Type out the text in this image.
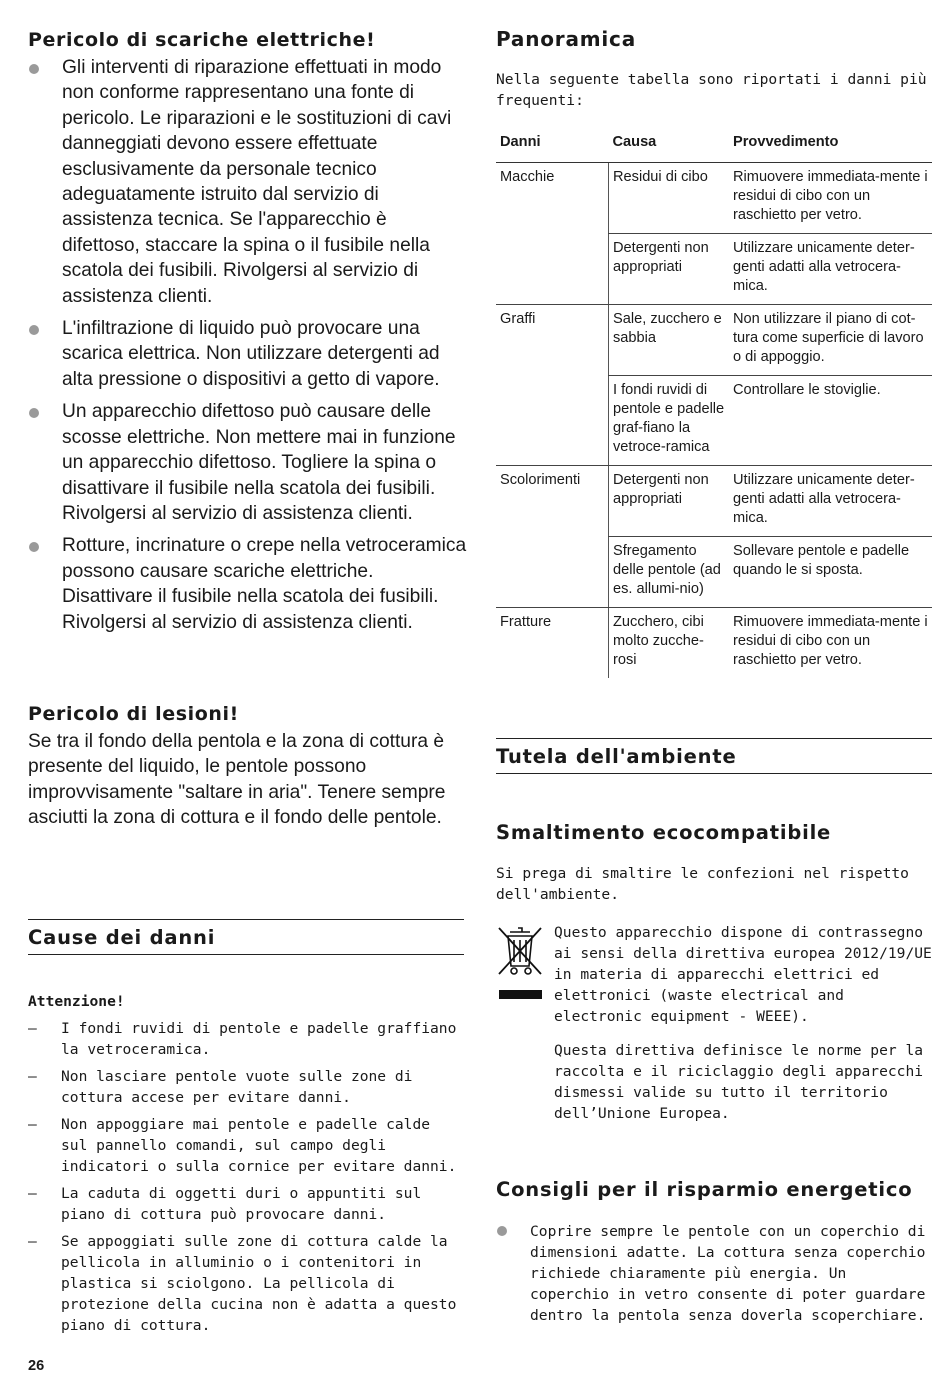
Pericolo di scariche elettriche!
Gli interventi di riparazione effettuati in modo non conforme rappresentano una fonte di pericolo. Le riparazioni e le sostituzioni di cavi danneggiati devono essere effettuate esclusivamente da personale tecnico adeguatamente istruito dal servizio di assistenza tecnica. Se l'apparecchio è difettoso, staccare la spina o il fusibile nella scatola dei fusibili. Rivolgersi al servizio di assistenza clienti.
L'infiltrazione di liquido può provocare una scarica elettrica. Non utilizzare detergenti ad alta pressione o dispositivi a getto di vapore.
Un apparecchio difettoso può causare delle scosse elettriche. Non mettere mai in funzione un apparecchio difettoso. Togliere la spina o disattivare il fusibile nella scatola dei fusibili. Rivolgersi al servizio di assistenza clienti.
Rotture, incrinature o crepe nella vetroceramica possono causare scariche elettriche. Disattivare il fusibile nella scatola dei fusibili. Rivolgersi al servizio di assistenza clienti.
Pericolo di lesioni!
Se tra il fondo della pentola e la zona di cottura è presente del liquido, le pentole possono improvvisamente "saltare in aria". Tenere sempre asciutti la zona di cottura e il fondo delle pentole.
Cause dei danni
Attenzione!
– I fondi ruvidi di pentole e padelle graffiano la vetroceramica.
– Non lasciare pentole vuote sulle zone di cottura accese per evitare danni.
– Non appoggiare mai pentole e padelle calde sul pannello comandi, sul campo degli indicatori o sulla cornice per evitare danni.
– La caduta di oggetti duri o appuntiti sul piano di cottura può provocare danni.
– Se appoggiati sulle zone di cottura calde la pellicola in alluminio o i contenitori in plastica si sciolgono. La pellicola di protezione della cucina non è adatta a questo piano di cottura.
26
Panoramica
Nella seguente tabella sono riportati i danni più frequenti:
Danni	Causa	Provvedimento
Macchie	Residui di cibo	Rimuovere immediata-mente i residui di cibo con un raschietto per vetro.
	Detergenti non appropriati	Utilizzare unicamente deter-genti adatti alla vetrocera-mica.
Graffi	Sale, zucchero e sabbia	Non utilizzare il piano di cot-tura come superficie di lavoro o di appoggio.
	I fondi ruvidi di pentole e padelle graf-fiano la vetroce-ramica	Controllare le stoviglie.
Scolorimenti	Detergenti non appropriati	Utilizzare unicamente deter-genti adatti alla vetrocera-mica.
	Sfregamento delle pentole (ad es. allumi-nio)	Sollevare pentole e padelle quando le si sposta.
Fratture	Zucchero, cibi molto zucche-rosi	Rimuovere immediata-mente i residui di cibo con un raschietto per vetro.
Tutela dell'ambiente
Smaltimento ecocompatibile
Si prega di smaltire le confezioni nel rispetto dell'ambiente.
Questo apparecchio dispone di contrassegno ai sensi della direttiva europea 2012/19/UE in materia di apparecchi elettrici ed elettronici (waste electrical and electronic equipment - WEEE).
Questa direttiva definisce le norme per la raccolta e il riciclaggio degli apparecchi dismessi valide su tutto il territorio dell’Unione Europea.
Consigli per il risparmio energetico
Coprire sempre le pentole con un coperchio di dimensioni adatte. La cottura senza coperchio richiede chiaramente più energia. Un coperchio in vetro consente di poter guardare dentro la pentola senza doverla scoperchiare.
